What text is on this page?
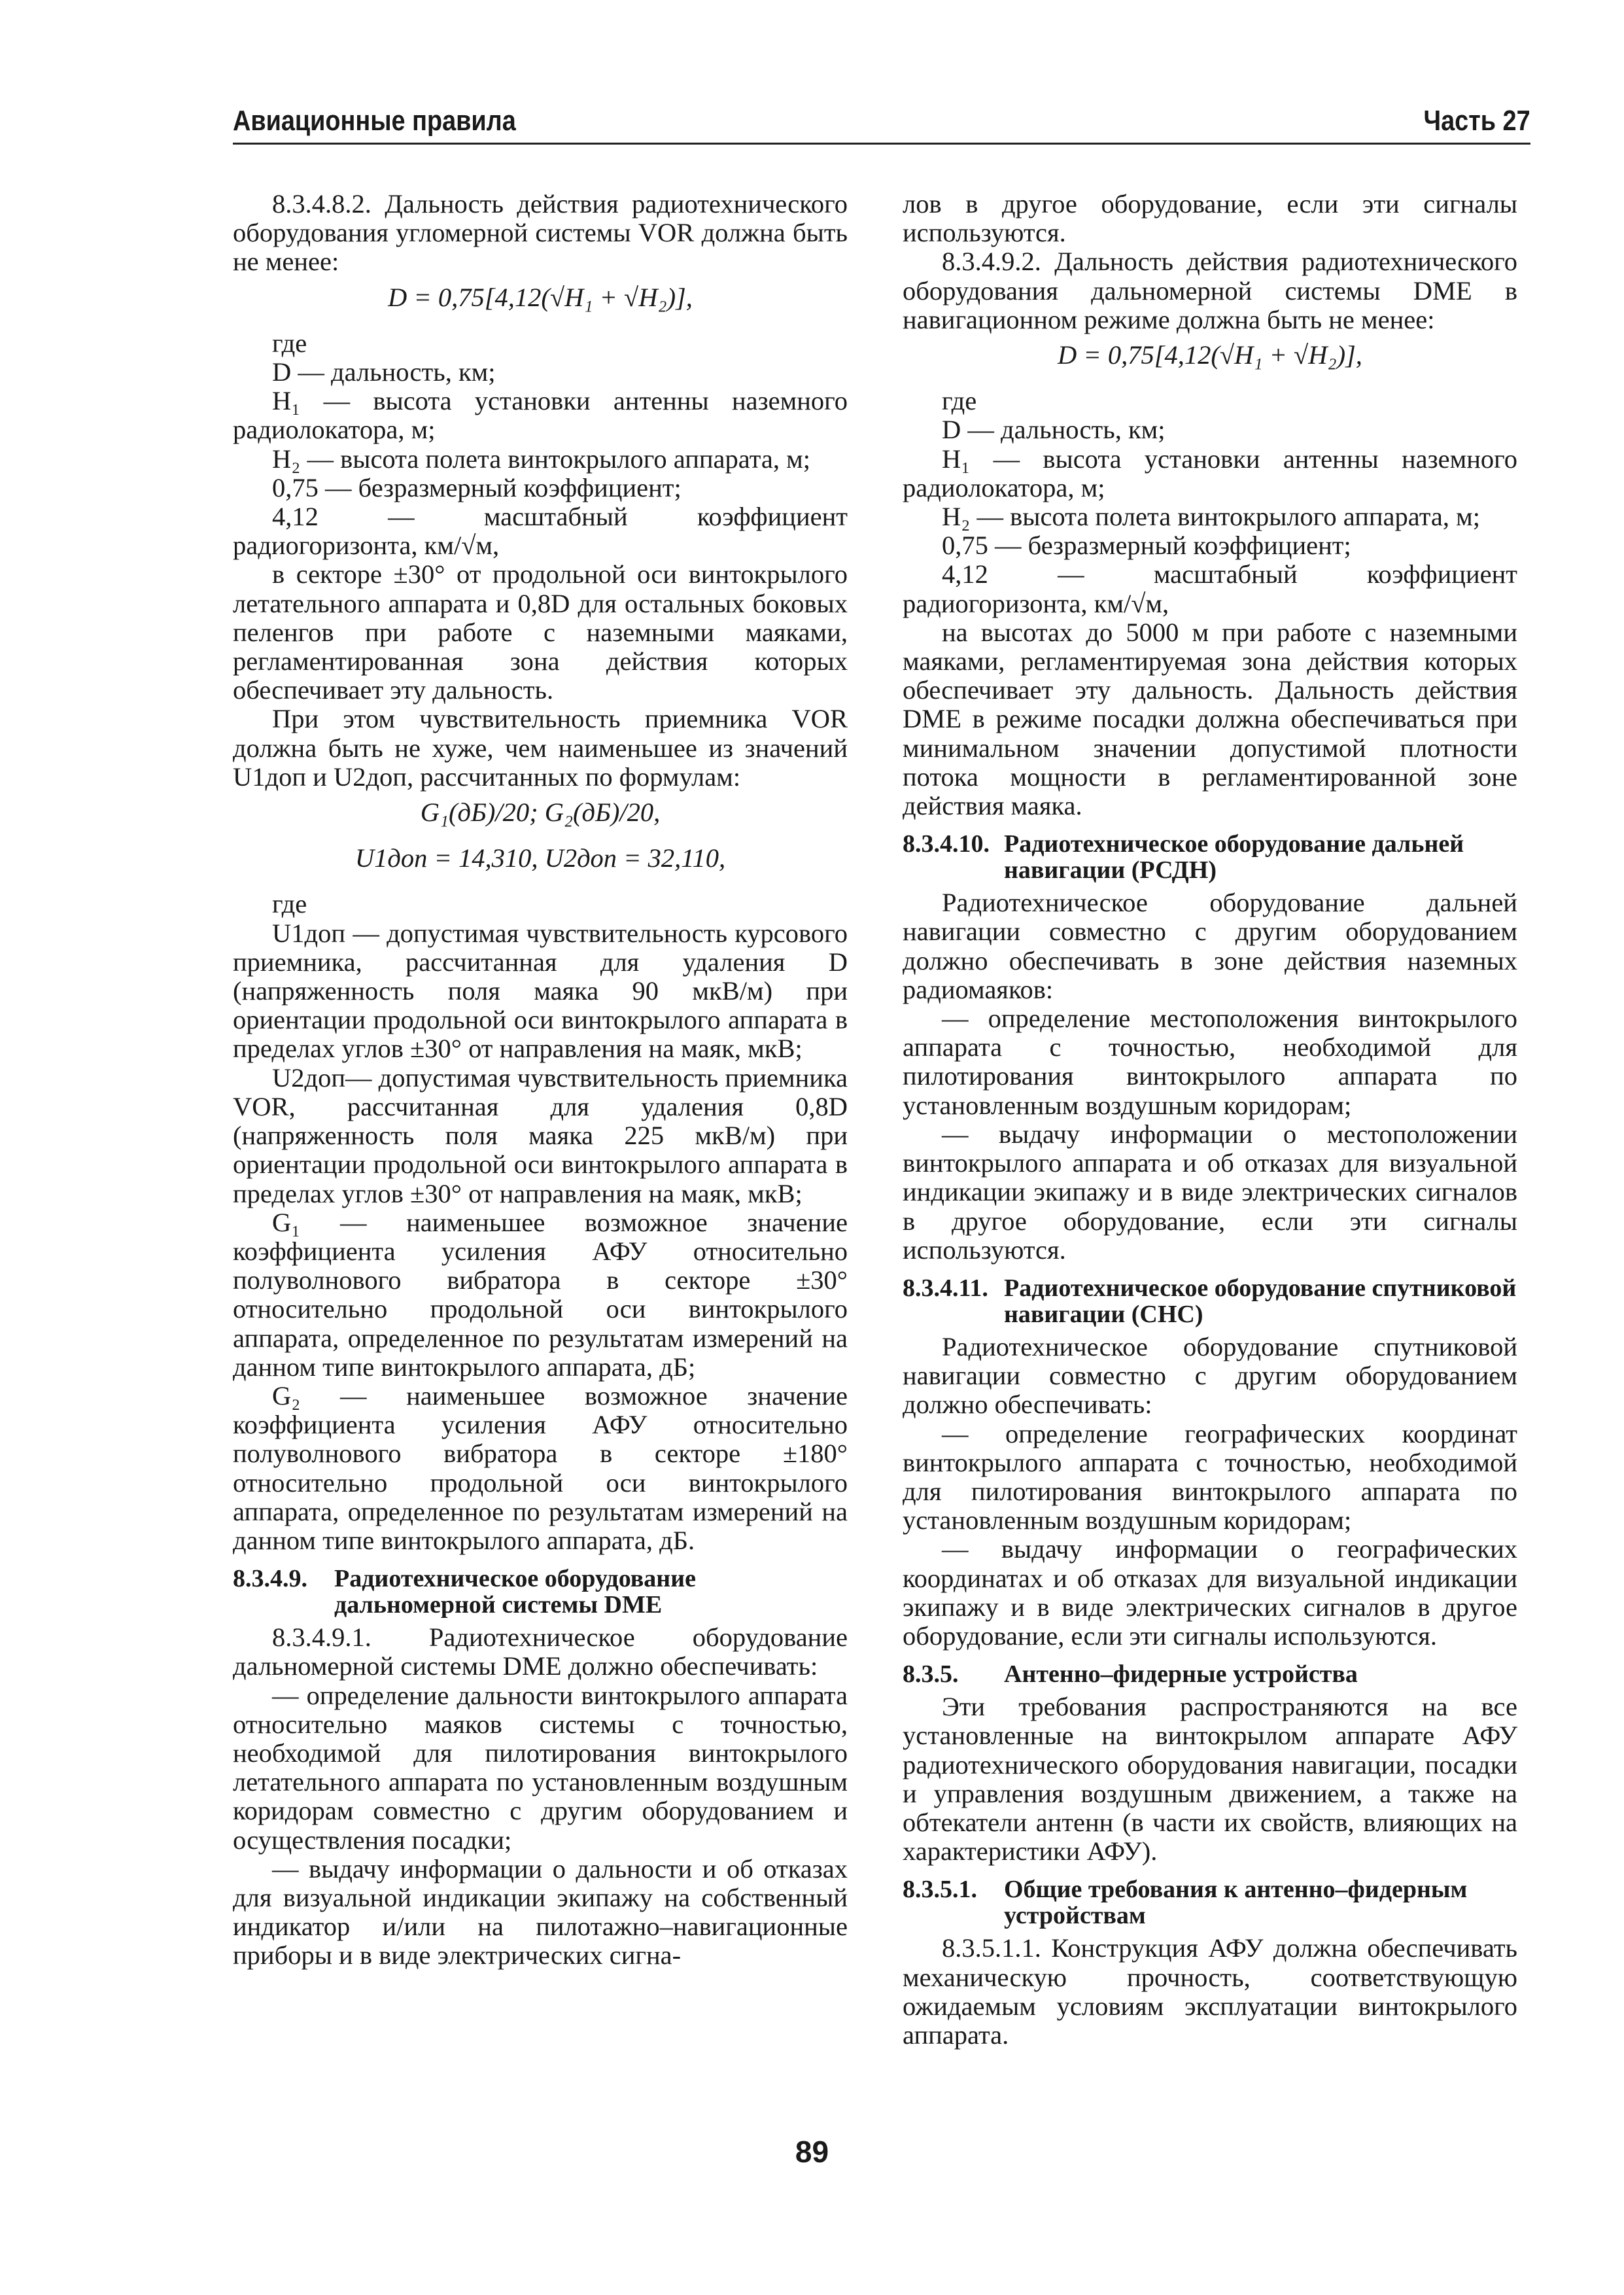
Авиационные правила	Часть 27

8.3.4.8.2. Дальность действия радиотехнического оборудования угломерной системы VOR должна быть не менее:

D = 0,75[4,12(√H₁ + √H₂)],

где

D — дальность, км;

H₁ — высота установки антенны наземного радиолокатора, м;

H₂ — высота полета винтокрылого аппарата, м;

0,75 — безразмерный коэффициент;

4,12 — масштабный коэффициент радиогоризонта, км/√м,

в секторе ±30° от продольной оси винтокрылого летательного аппарата и 0,8D для остальных боковых пеленгов при работе с наземными маяками, регламентированная зона действия которых обеспечивает эту дальность.

При этом чувствительность приемника VOR должна быть не хуже, чем наименьшее из значений U1доп и U2доп, рассчитанных по формулам:

G₁(дБ)/20; G₂(дБ)/20,

U1доп = 14,310, U2доп = 32,110,

где

U1доп — допустимая чувствительность курсового приемника, рассчитанная для удаления D (напряженность поля маяка 90 мкВ/м) при ориентации продольной оси винтокрылого аппарата в пределах углов ±30° от направления на маяк, мкВ;

U2доп— допустимая чувствительность приемника VOR, рассчитанная для удаления 0,8D (напряженность поля маяка 225 мкВ/м) при ориентации продольной оси винтокрылого аппарата в пределах углов ±30° от направления на маяк, мкВ;

G₁ — наименьшее возможное значение коэффициента усиления АФУ относительно полуволнового вибратора в секторе ±30° относительно продольной оси винтокрылого аппарата, определенное по результатам измерений на данном типе винтокрылого аппарата, дБ;

G₂ — наименьшее возможное значение коэффициента усиления АФУ относительно полуволнового вибратора в секторе ±180° относительно продольной оси винтокрылого аппарата, определенное по результатам измерений на данном типе винтокрылого аппарата, дБ.

8.3.4.9. Радиотехническое оборудование дальномерной системы DME

8.3.4.9.1. Радиотехническое оборудование дальномерной системы DME должно обеспечивать:

— определение дальности винтокрылого аппарата относительно маяков системы с точностью, необходимой для пилотирования винтокрылого летательного аппарата по установленным воздушным коридорам совместно с другим оборудованием и осуществления посадки;

— выдачу информации о дальности и об отказах для визуальной индикации экипажу на собственный индикатор и/или на пилотажно–навигационные приборы и в виде электрических сигна-

лов в другое оборудование, если эти сигналы используются.

8.3.4.9.2. Дальность действия радиотехнического оборудования дальномерной системы DME в навигационном режиме должна быть не менее:

D = 0,75[4,12(√H₁ + √H₂)],

где

D — дальность, км;

H₁ — высота установки антенны наземного радиолокатора, м;

H₂ — высота полета винтокрылого аппарата, м;

0,75 — безразмерный коэффициент;

4,12 — масштабный коэффициент радиогоризонта, км/√м,

на высотах до 5000 м при работе с наземными маяками, регламентируемая зона действия которых обеспечивает эту дальность. Дальность действия DME в режиме посадки должна обеспечиваться при минимальном значении допустимой плотности потока мощности в регламентированной зоне действия маяка.

8.3.4.10. Радиотехническое оборудование дальней навигации (РСДН)

Радиотехническое оборудование дальней навигации совместно с другим оборудованием должно обеспечивать в зоне действия наземных радиомаяков:

— определение местоположения винтокрылого аппарата с точностью, необходимой для пилотирования винтокрылого аппарата по установленным воздушным коридорам;

— выдачу информации о местоположении винтокрылого аппарата и об отказах для визуальной индикации экипажу и в виде электрических сигналов в другое оборудование, если эти сигналы используются.

8.3.4.11. Радиотехническое оборудование спутниковой навигации (СНС)

Радиотехническое оборудование спутниковой навигации совместно с другим оборудованием должно обеспечивать:

— определение географических координат винтокрылого аппарата с точностью, необходимой для пилотирования винтокрылого аппарата по установленным воздушным коридорам;

— выдачу информации о географических координатах и об отказах для визуальной индикации экипажу и в виде электрических сигналов в другое оборудование, если эти сигналы используются.

8.3.5. Антенно–фидерные устройства

Эти требования распространяются на все установленные на винтокрылом аппарате АФУ радиотехнического оборудования навигации, посадки и управления воздушным движением, а также на обтекатели антенн (в части их свойств, влияющих на характеристики АФУ).

8.3.5.1. Общие требования к антенно–фидерным устройствам

8.3.5.1.1. Конструкция АФУ должна обеспечивать механическую прочность, соответствующую ожидаемым условиям эксплуатации винтокрылого аппарата.

89
